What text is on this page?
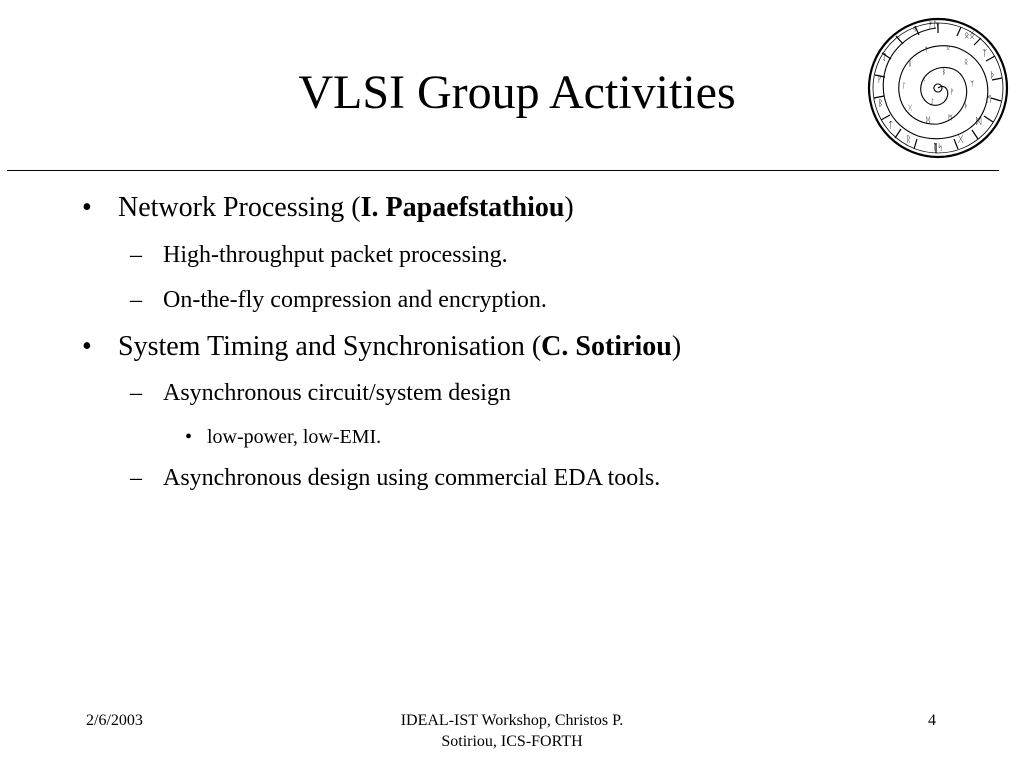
VLSI Group Activities
ᚠᚢ
ᛟᛝ
ᛉ
ᚦ
ᛗ
ᛞ
ᚷ
ᛚᛋ
ᚱ
ᛏ
ᛒ
ᚹ
ᛇ
ᚲ
ᛃ
ᛟ
ᛝ
ᛉ
ᚦ
ᛗ
ᛞ
ᚷ
ᛚ
ᚱ
ᛏ
ᛒ
ᚹ
ᛇ
ᚲ
• Network Processing (I. Papaefstathiou)
– High-throughput packet processing.
– On-the-fly compression and encryption.
• System Timing and Synchronisation (C. Sotiriou)
– Asynchronous circuit/system design
• low-power, low-EMI.
– Asynchronous design using commercial EDA tools.
2/6/2003	IDEAL-IST Workshop, Christos P.
Sotiriou, ICS-FORTH
4
